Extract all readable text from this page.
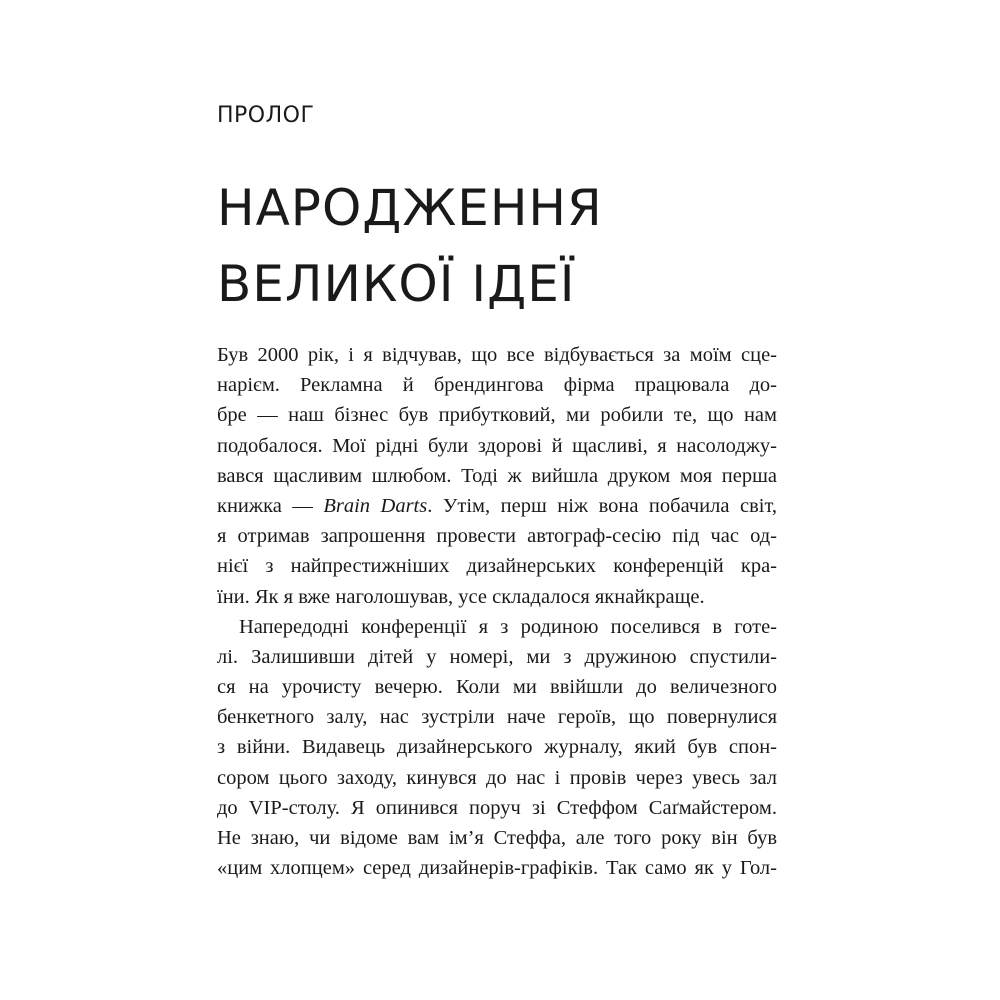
ПРОЛОГ
НАРОДЖЕННЯ
ВЕЛИКОЇ ІДЕЇ
Був 2000 рік, і я відчував, що все відбувається за моїм сце-
нарієм. Рекламна й брендингова фірма працювала до-
бре — наш бізнес був прибутковий, ми робили те, що нам
подобалося. Мої рідні були здорові й щасливі, я насолоджу-
вався щасливим шлюбом. Тоді ж вийшла друком моя перша
книжка — Brain Darts. Утім, перш ніж вона побачила світ,
я отримав запрошення провести автограф-сесію під час од-
нієї з найпрестижніших дизайнерських конференцій кра-
їни. Як я вже наголошував, усе складалося якнайкраще.
Напередодні конференції я з родиною поселився в готе-
лі. Залишивши дітей у номері, ми з дружиною спустили-
ся на урочисту вечерю. Коли ми ввійшли до величезного
бенкетного залу, нас зустріли наче героїв, що повернулися
з війни. Видавець дизайнерського журналу, який був спон-
сором цього заходу, кинувся до нас і провів через увесь зал
до VIP-столу. Я опинився поруч зі Стеффом Саґмайстером.
Не знаю, чи відоме вам ім’я Стеффа, але того року він був
«цим хлопцем» серед дизайнерів-графіків. Так само як у Гол-
